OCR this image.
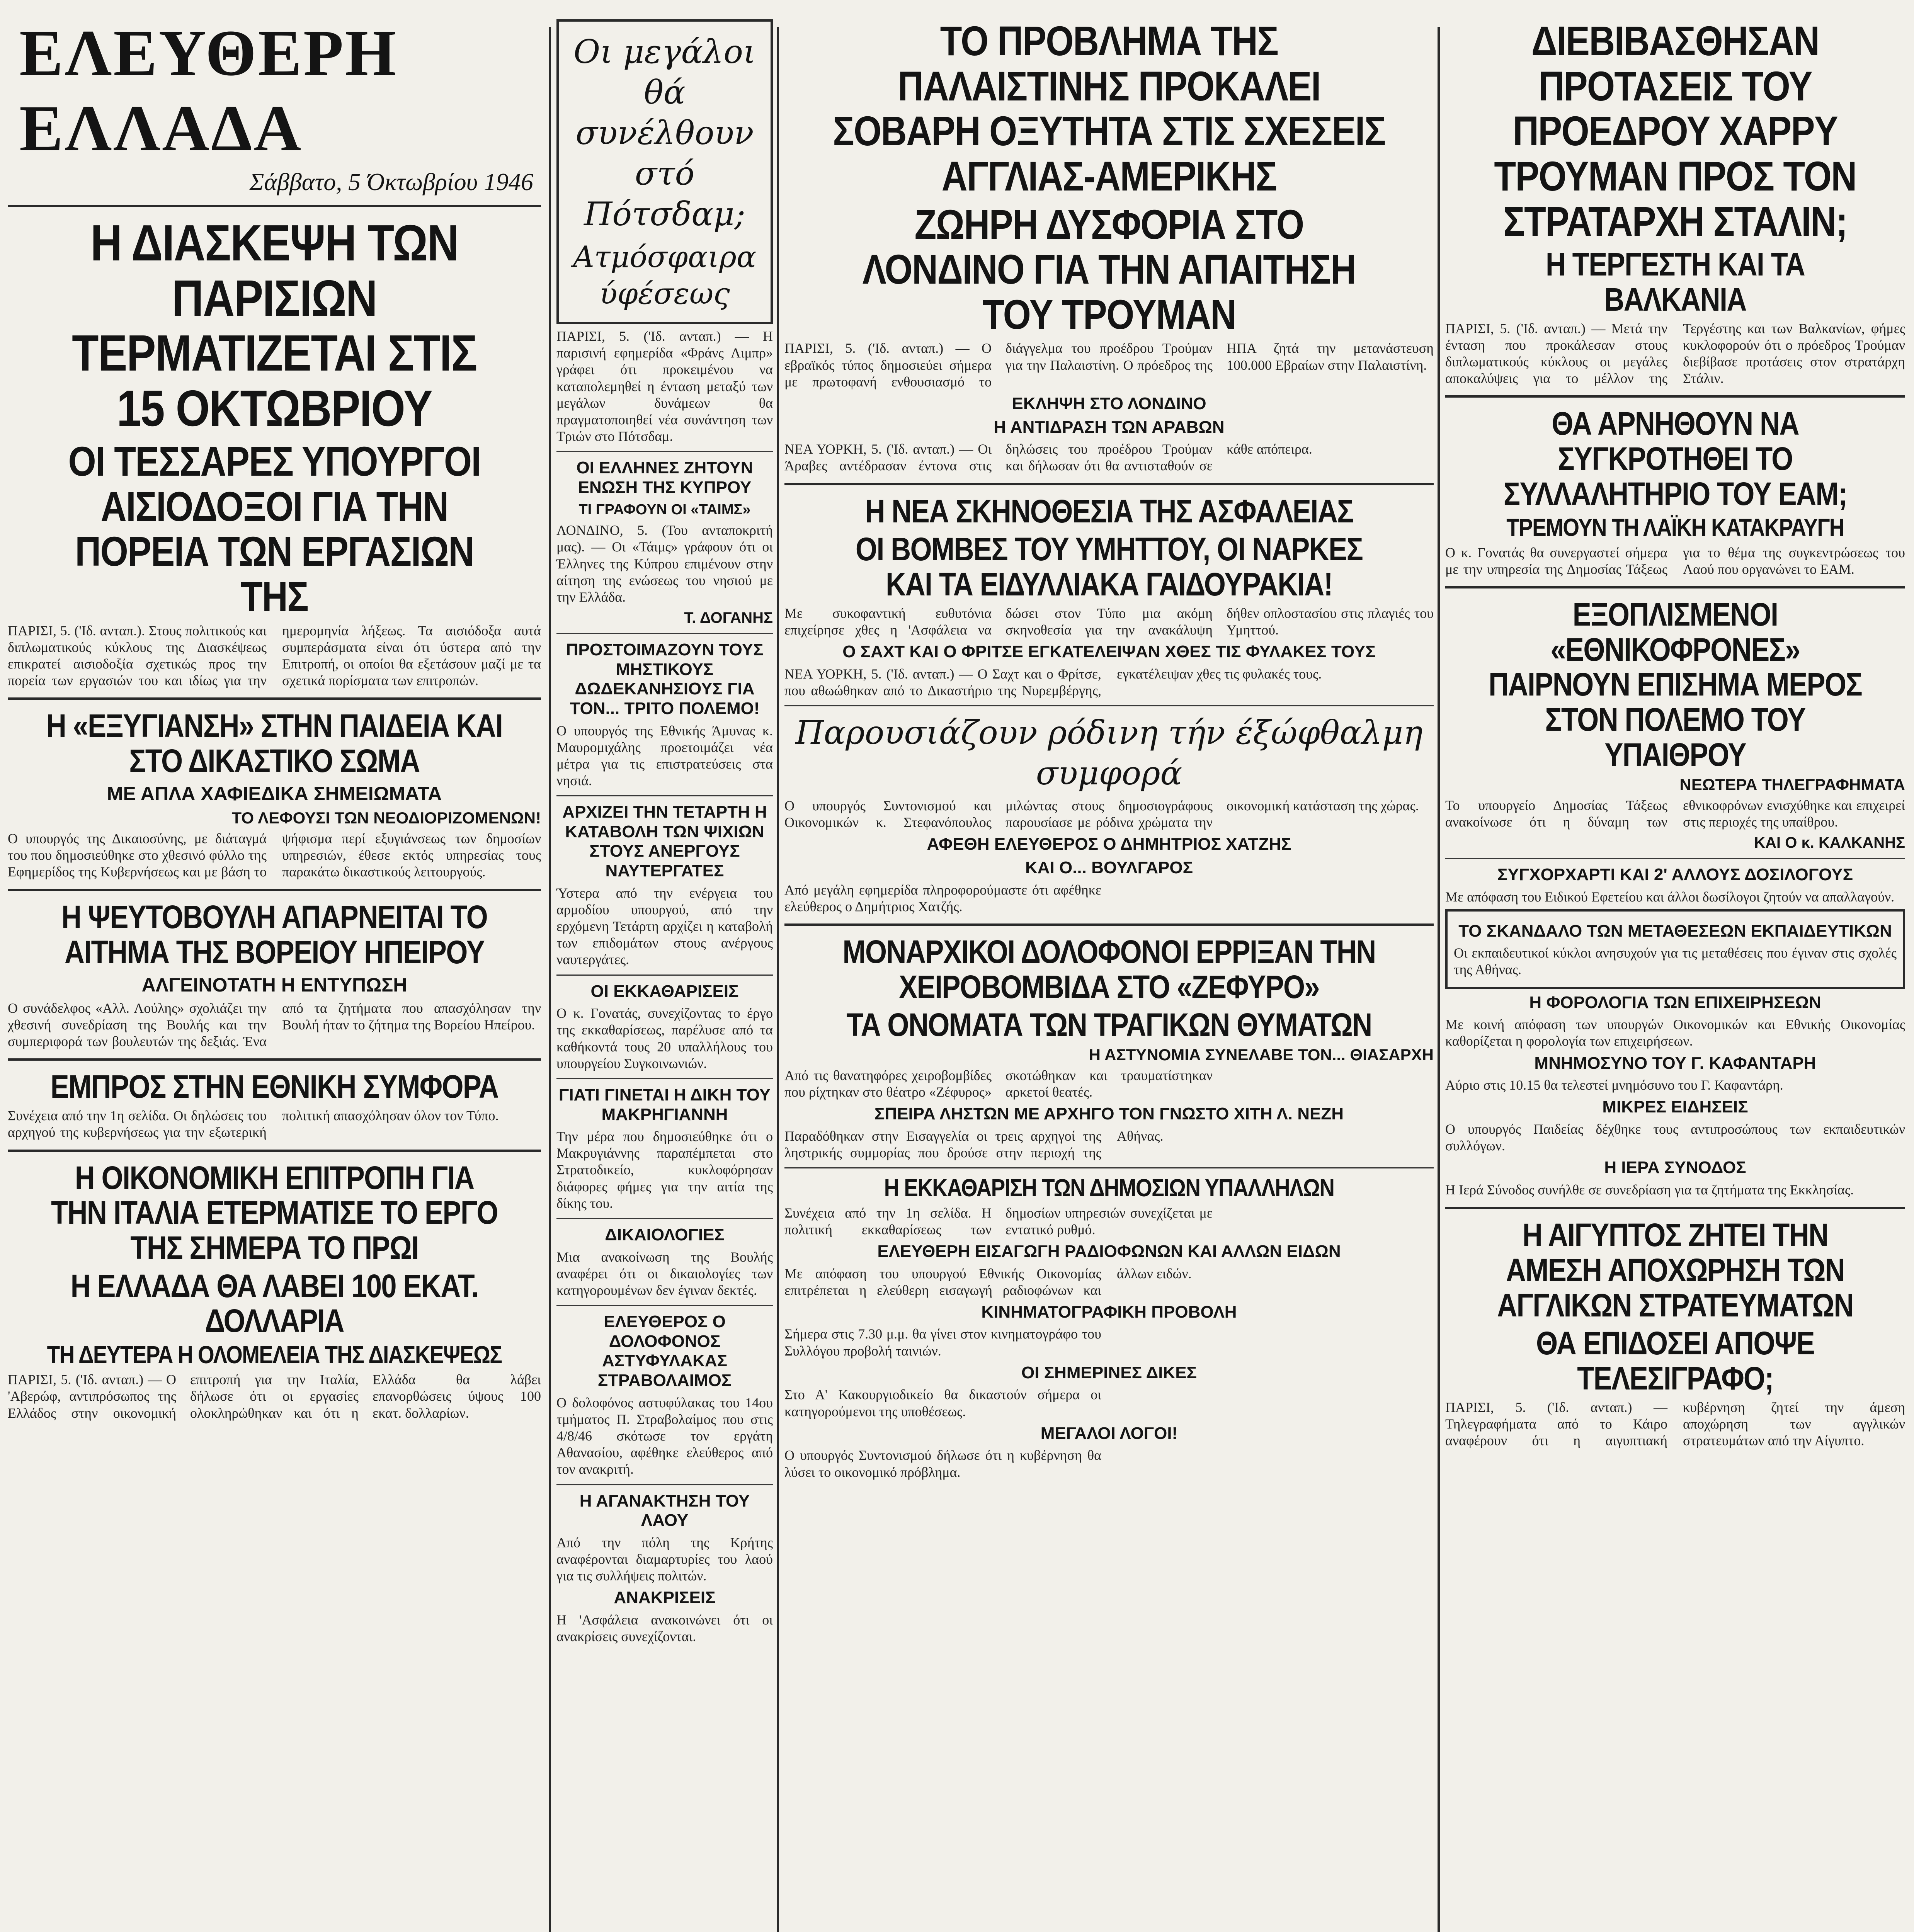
ΕΛΕΥΘΕΡΗ ΕΛΛΑΔΑ
Σάββατο, 5 Όκτωβρίου 1946
Η ΔΙΑΣΚΕΨΗ ΤΩΝ ΠΑΡΙΣΙΩΝ ΤΕΡΜΑΤΙΖΕΤΑΙ ΣΤΙΣ 15 ΟΚΤΩΒΡΙΟΥ
ΟΙ ΤΕΣΣΑΡΕΣ ΥΠΟΥΡΓΟΙ ΑΙΣΙΟΔΟΞΟΙ ΓΙΑ ΤΗΝ ΠΟΡΕΙΑ ΤΩΝ ΕΡΓΑΣΙΩΝ ΤΗΣ
ΠΑΡΙΣΙ, 5. ('Ιδ. ανταπ.). Στους πολιτικούς και διπλωματικούς κύκλους της Διασκέψεως επικρατεί αισιοδοξία σχετικώς προς την πορεία των εργασιών του και ιδίως για την ημερομηνία λήξεως. Τα αισιόδοξα αυτά συμπεράσματα είναι ότι ύστερα από την Επιτροπή, οι οποίοι θα εξετάσουν μαζί με τα σχετικά πορίσματα των επιτροπών.
Η «ΕΞΥΓΙΑΝΣΗ» ΣΤΗΝ ΠΑΙΔΕΙΑ ΚΑΙ ΣΤΟ ΔΙΚΑΣΤΙΚΟ ΣΩΜΑ
ΜΕ ΑΠΛΑ ΧΑΦΙΕΔΙΚΑ ΣΗΜΕΙΩΜΑΤΑ
ΤΟ ΛΕΦΟΥΣΙ ΤΩΝ ΝΕΟΔΙΟΡΙΖΟΜΕΝΩΝ!
Ο υπουργός της Δικαιοσύνης, με διάταγμά του που δημοσιεύθηκε στο χθεσινό φύλλο της Εφημερίδος της Κυβερνήσεως και με βάση το ψήφισμα περί εξυγιάνσεως των δημοσίων υπηρεσιών, έθεσε εκτός υπηρεσίας τους παρακάτω δικαστικούς λειτουργούς.
Η ΨΕΥΤΟΒΟΥΛΗ ΑΠΑΡΝΕΙΤΑΙ ΤΟ ΑΙΤΗΜΑ ΤΗΣ ΒΟΡΕΙΟΥ ΗΠΕΙΡΟΥ
ΑΛΓΕΙΝΟΤΑΤΗ Η ΕΝΤΥΠΩΣΗ
Ο συνάδελφος «Αλλ. Λούλης» σχολιάζει την χθεσινή συνεδρίαση της Βουλής και την συμπεριφορά των βουλευτών της δεξιάς. Ένα από τα ζητήματα που απασχόλησαν την Βουλή ήταν το ζήτημα της Βορείου Ηπείρου.
ΕΜΠΡΟΣ ΣΤΗΝ ΕΘΝΙΚΗ ΣΥΜΦΟΡΑ
Συνέχεια από την 1η σελίδα. Οι δηλώσεις του αρχηγού της κυβερνήσεως για την εξωτερική πολιτική απασχόλησαν όλον τον Τύπο.
Η ΟΙΚΟΝΟΜΙΚΗ ΕΠΙΤΡΟΠΗ ΓΙΑ ΤΗΝ ΙΤΑΛΙΑ ΕΤΕΡΜΑΤΙΣΕ ΤΟ ΕΡΓΟ ΤΗΣ ΣΗΜΕΡΑ ΤΟ ΠΡΩΙ
Η ΕΛΛΑΔΑ ΘΑ ΛΑΒΕΙ 100 ΕΚΑΤ. ΔΟΛΛΑΡΙΑ
ΤΗ ΔΕΥΤΕΡΑ Η ΟΛΟΜΕΛΕΙΑ ΤΗΣ ΔΙΑΣΚΕΨΕΩΣ
ΠΑΡΙΣΙ, 5. ('Ιδ. ανταπ.) — Ο 'Αβερώφ, αντιπρόσωπος της Ελλάδος στην οικονομική επιτροπή για την Ιταλία, δήλωσε ότι οι εργασίες ολοκληρώθηκαν και ότι η Ελλάδα θα λάβει επανορθώσεις ύψους 100 εκατ. δολλαρίων.
Οι μεγάλοι θά συνέλθουν στό Πότσδαμ;
Ατμόσφαιρα ύφέσεως
ΠΑΡΙΣΙ, 5. ('Ιδ. ανταπ.) — Η παρισινή εφημερίδα «Φράνς Λιμπρ» γράφει ότι προκειμένου να καταπολεμηθεί η ένταση μεταξύ των μεγάλων δυνάμεων θα πραγματοποιηθεί νέα συνάντηση των Τριών στο Πότσδαμ.
ΟΙ ΕΛΛΗΝΕΣ ΖΗΤΟΥΝ ΕΝΩΣΗ ΤΗΣ ΚΥΠΡΟΥ
ΤΙ ΓΡΑΦΟΥΝ ΟΙ «ΤΑΙΜΣ»
ΛΟΝΔΙΝΟ, 5. (Του ανταποκριτή μας). — Οι «Τάιμς» γράφουν ότι οι Έλληνες της Κύπρου επιμένουν στην αίτηση της ενώσεως του νησιού με την Ελλάδα.
Τ. ΔΟΓΑΝΗΣ
ΠΡΟΣΤΟΙΜΑΖΟΥΝ ΤΟΥΣ ΜΗΣΤΙΚΟΥΣ ΔΩΔΕΚΑΝΗΣΙΟΥΣ ΓΙΑ ΤΟΝ... ΤΡΙΤΟ ΠΟΛΕΜΟ!
Ο υπουργός της Εθνικής Άμυνας κ. Μαυρομιχάλης προετοιμάζει νέα μέτρα για τις επιστρατεύσεις στα νησιά.
ΑΡΧΙΖΕΙ ΤΗΝ ΤΕΤΑΡΤΗ Η ΚΑΤΑΒΟΛΗ ΤΩΝ ΨΙΧΙΩΝ ΣΤΟΥΣ ΑΝΕΡΓΟΥΣ ΝΑΥΤΕΡΓΑΤΕΣ
Ύστερα από την ενέργεια του αρμοδίου υπουργού, από την ερχόμενη Τετάρτη αρχίζει η καταβολή των επιδομάτων στους ανέργους ναυτεργάτες.
ΟΙ ΕΚΚΑΘΑΡΙΣΕΙΣ
Ο κ. Γονατάς, συνεχίζοντας το έργο της εκκαθαρίσεως, παρέλυσε από τα καθήκοντά τους 20 υπαλλήλους του υπουργείου Συγκοινωνιών.
ΓΙΑΤΙ ΓΙΝΕΤΑΙ Η ΔΙΚΗ ΤΟΥ ΜΑΚΡΗΓΙΑΝΝΗ
Την μέρα που δημοσιεύθηκε ότι ο Μακρυγιάννης παραπέμπεται στο Στρατοδικείο, κυκλοφόρησαν διάφορες φήμες για την αιτία της δίκης του.
ΔΙΚΑΙΟΛΟΓΙΕΣ
Μια ανακοίνωση της Βουλής αναφέρει ότι οι δικαιολογίες των κατηγορουμένων δεν έγιναν δεκτές.
ΕΛΕΥΘΕΡΟΣ Ο ΔΟΛΟΦΟΝΟΣ ΑΣΤΥΦΥΛΑΚΑΣ ΣΤΡΑΒΟΛΑΙΜΟΣ
Ο δολοφόνος αστυφύλακας του 14ου τμήματος Π. Στραβολαίμος που στις 4/8/46 σκότωσε τον εργάτη Αθανασίου, αφέθηκε ελεύθερος από τον ανακριτή.
Η ΑΓΑΝΑΚΤΗΣΗ ΤΟΥ ΛΑΟΥ
Από την πόλη της Κρήτης αναφέρονται διαμαρτυρίες του λαού για τις συλλήψεις πολιτών.
ΑΝΑΚΡΙΣΕΙΣ
Η 'Ασφάλεια ανακοινώνει ότι οι ανακρίσεις συνεχίζονται.
ΤΟ ΠΡΟΒΛΗΜΑ ΤΗΣ ΠΑΛΑΙΣΤΙΝΗΣ ΠΡΟΚΑΛΕΙ ΣΟΒΑΡΗ ΟΞΥΤΗΤΑ ΣΤΙΣ ΣΧΕΣΕΙΣ ΑΓΓΛΙΑΣ-ΑΜΕΡΙΚΗΣ
ΖΩΗΡΗ ΔΥΣΦΟΡΙΑ ΣΤΟ ΛΟΝΔΙΝΟ ΓΙΑ ΤΗΝ ΑΠΑΙΤΗΣΗ ΤΟΥ ΤΡΟΥΜΑΝ
ΠΑΡΙΣΙ, 5. ('Ιδ. ανταπ.) — Ο εβραϊκός τύπος δημοσιεύει σήμερα με πρωτοφανή ενθουσιασμό το διάγγελμα του προέδρου Τρούμαν για την Παλαιστίνη. Ο πρόεδρος της ΗΠΑ ζητά την μετανάστευση 100.000 Εβραίων στην Παλαιστίνη.
ΕΚΛΗΨΗ ΣΤΟ ΛΟΝΔΙΝΟ
Η ΑΝΤΙΔΡΑΣΗ ΤΩΝ ΑΡΑΒΩΝ
ΝΕΑ ΥΟΡΚΗ, 5. ('Ιδ. ανταπ.) — Οι Άραβες αντέδρασαν έντονα στις δηλώσεις του προέδρου Τρούμαν και δήλωσαν ότι θα αντισταθούν σε κάθε απόπειρα.
Η ΝΕΑ ΣΚΗΝΟΘΕΣΙΑ ΤΗΣ ΑΣΦΑΛΕΙΑΣ
ΟΙ ΒΟΜΒΕΣ ΤΟΥ ΥΜΗΤΤΟΥ, ΟΙ ΝΑΡΚΕΣ ΚΑΙ ΤΑ ΕΙΔΥΛΛΙΑΚΑ ΓΑΙΔΟΥΡΑΚΙΑ!
Με συκοφαντική ευθυτόνια επιχείρησε χθες η 'Ασφάλεια να δώσει στον Τύπο μια ακόμη σκηνοθεσία για την ανακάλυψη δήθεν οπλοστασίου στις πλαγιές του Υμηττού.
Ο ΣΑΧΤ ΚΑΙ Ο ΦΡΙΤΣΕ ΕΓΚΑΤΕΛΕΙΨΑΝ ΧΘΕΣ ΤΙΣ ΦΥΛΑΚΕΣ ΤΟΥΣ
ΝΕΑ ΥΟΡΚΗ, 5. ('Ιδ. ανταπ.) — Ο Σαχτ και ο Φρίτσε, που αθωώθηκαν από το Δικαστήριο της Νυρεμβέργης, εγκατέλειψαν χθες τις φυλακές τους.
Παρουσιάζουν ρόδινη τήν έξώφθαλμη συμφορά
Ο υπουργός Συντονισμού και Οικονομικών κ. Στεφανόπουλος μιλώντας στους δημοσιογράφους παρουσίασε με ρόδινα χρώματα την οικονομική κατάσταση της χώρας.
ΑΦΕΘΗ ΕΛΕΥΘΕΡΟΣ Ο ΔΗΜΗΤΡΙΟΣ ΧΑΤΖΗΣ
ΚΑΙ Ο... ΒΟΥΛΓΑΡΟΣ
Από μεγάλη εφημερίδα πληροφορούμαστε ότι αφέθηκε ελεύθερος ο Δημήτριος Χατζής.
ΜΟΝΑΡΧΙΚΟΙ ΔΟΛΟΦΟΝΟΙ ΕΡΡΙΞΑΝ ΤΗΝ ΧΕΙΡΟΒΟΜΒΙΔΑ ΣΤΟ «ΖΕΦΥΡΟ»
ΤΑ ΟΝΟΜΑΤΑ ΤΩΝ ΤΡΑΓΙΚΩΝ ΘΥΜΑΤΩΝ
Η ΑΣΤΥΝΟΜΙΑ ΣΥΝΕΛΑΒΕ ΤΟΝ... ΘΙΑΣΑΡΧΗ
Από τις θανατηφόρες χειροβομβίδες που ρίχτηκαν στο θέατρο «Ζέφυρος» σκοτώθηκαν και τραυματίστηκαν αρκετοί θεατές.
ΣΠΕΙΡΑ ΛΗΣΤΩΝ ΜΕ ΑΡΧΗΓΟ ΤΟΝ ΓΝΩΣΤΟ ΧΙΤΗ Λ. ΝΕΖΗ
Παραδόθηκαν στην Εισαγγελία οι τρεις αρχηγοί της ληστρικής συμμορίας που δρούσε στην περιοχή της Αθήνας.
Η ΕΚΚΑΘΑΡΙΣΗ ΤΩΝ ΔΗΜΟΣΙΩΝ ΥΠΑΛΛΗΛΩΝ
Συνέχεια από την 1η σελίδα. Η πολιτική εκκαθαρίσεως των δημοσίων υπηρεσιών συνεχίζεται με εντατικό ρυθμό.
ΕΛΕΥΘΕΡΗ ΕΙΣΑΓΩΓΗ ΡΑΔΙΟΦΩΝΩΝ ΚΑΙ ΑΛΛΩΝ ΕΙΔΩΝ
Με απόφαση του υπουργού Εθνικής Οικονομίας επιτρέπεται η ελεύθερη εισαγωγή ραδιοφώνων και άλλων ειδών.
ΚΙΝΗΜΑΤΟΓΡΑΦΙΚΗ ΠΡΟΒΟΛΗ
Σήμερα στις 7.30 μ.μ. θα γίνει στον κινηματογράφο του Συλλόγου προβολή ταινιών.
ΟΙ ΣΗΜΕΡΙΝΕΣ ΔΙΚΕΣ
Στο Α' Κακουργιοδικείο θα δικαστούν σήμερα οι κατηγορούμενοι της υποθέσεως.
ΜΕΓΑΛΟΙ ΛΟΓΟΙ!
Ο υπουργός Συντονισμού δήλωσε ότι η κυβέρνηση θα λύσει το οικονομικό πρόβλημα.
ΔΙΕΒΙΒΑΣΘΗΣΑΝ ΠΡΟΤΑΣΕΙΣ ΤΟΥ ΠΡΟΕΔΡΟΥ ΧΑΡΡΥ ΤΡΟΥΜΑΝ ΠΡΟΣ ΤΟΝ ΣΤΡΑΤΑΡΧΗ ΣΤΑΛΙΝ;
Η ΤΕΡΓΕΣΤΗ ΚΑΙ ΤΑ ΒΑΛΚΑΝΙΑ
ΠΑΡΙΣΙ, 5. ('Ιδ. ανταπ.) — Μετά την ένταση που προκάλεσαν στους διπλωματικούς κύκλους οι μεγάλες αποκαλύψεις για το μέλλον της Τεργέστης και των Βαλκανίων, φήμες κυκλοφορούν ότι ο πρόεδρος Τρούμαν διεβίβασε προτάσεις στον στρατάρχη Στάλιν.
ΘΑ ΑΡΝΗΘΟΥΝ ΝΑ ΣΥΓΚΡΟΤΗΘΕΙ ΤΟ ΣΥΛΛΑΛΗΤΗΡΙΟ ΤΟΥ ΕΑΜ;
ΤΡΕΜΟΥΝ ΤΗ ΛΑΪΚΗ ΚΑΤΑΚΡΑΥΓΗ
Ο κ. Γονατάς θα συνεργαστεί σήμερα με την υπηρεσία της Δημοσίας Τάξεως για το θέμα της συγκεντρώσεως του Λαού που οργανώνει το ΕΑΜ.
ΕΞΟΠΛΙΣΜΕΝΟΙ «ΕΘΝΙΚΟΦΡΟΝΕΣ» ΠΑΙΡΝΟΥΝ ΕΠΙΣΗΜΑ ΜΕΡΟΣ ΣΤΟΝ ΠΟΛΕΜΟ ΤΟΥ ΥΠΑΙΘΡΟΥ
ΝΕΩΤΕΡΑ ΤΗΛΕΓΡΑΦΗΜΑΤΑ
Το υπουργείο Δημοσίας Τάξεως ανακοίνωσε ότι η δύναμη των εθνικοφρόνων ενισχύθηκε και επιχειρεί στις περιοχές της υπαίθρου.
ΚΑΙ Ο κ. ΚΑΛΚΑΝΗΣ
ΣΥΓΧΟΡΧΑΡΤΙ ΚΑΙ 2' ΑΛΛΟΥΣ ΔΟΣΙΛΟΓΟΥΣ
Με απόφαση του Ειδικού Εφετείου και άλλοι δωσίλογοι ζητούν να απαλλαγούν.
ΤΟ ΣΚΑΝΔΑΛΟ ΤΩΝ ΜΕΤΑΘΕΣΕΩΝ ΕΚΠΑΙΔΕΥΤΙΚΩΝ
Οι εκπαιδευτικοί κύκλοι ανησυχούν για τις μεταθέσεις που έγιναν στις σχολές της Αθήνας.
Η ΦΟΡΟΛΟΓΙΑ ΤΩΝ ΕΠΙΧΕΙΡΗΣΕΩΝ
Με κοινή απόφαση των υπουργών Οικονομικών και Εθνικής Οικονομίας καθορίζεται η φορολογία των επιχειρήσεων.
ΜΝΗΜΟΣΥΝΟ ΤΟΥ Γ. ΚΑΦΑΝΤΑΡΗ
Αύριο στις 10.15 θα τελεστεί μνημόσυνο του Γ. Καφαντάρη.
ΜΙΚΡΕΣ ΕΙΔΗΣΕΙΣ
Ο υπουργός Παιδείας δέχθηκε τους αντιπροσώπους των εκπαιδευτικών συλλόγων.
Η ΙΕΡΑ ΣΥΝΟΔΟΣ
Η Ιερά Σύνοδος συνήλθε σε συνεδρίαση για τα ζητήματα της Εκκλησίας.
Η ΑΙΓΥΠΤΟΣ ΖΗΤΕΙ ΤΗΝ ΑΜΕΣΗ ΑΠΟΧΩΡΗΣΗ ΤΩΝ ΑΓΓΛΙΚΩΝ ΣΤΡΑΤΕΥΜΑΤΩΝ
ΘΑ ΕΠΙΔΟΣΕΙ ΑΠΟΨΕ ΤΕΛΕΣΙΓΡΑΦΟ;
ΠΑΡΙΣΙ, 5. ('Ιδ. ανταπ.) — Τηλεγραφήματα από το Κάιρο αναφέρουν ότι η αιγυπτιακή κυβέρνηση ζητεί την άμεση αποχώρηση των αγγλικών στρατευμάτων από την Αίγυπτο.
